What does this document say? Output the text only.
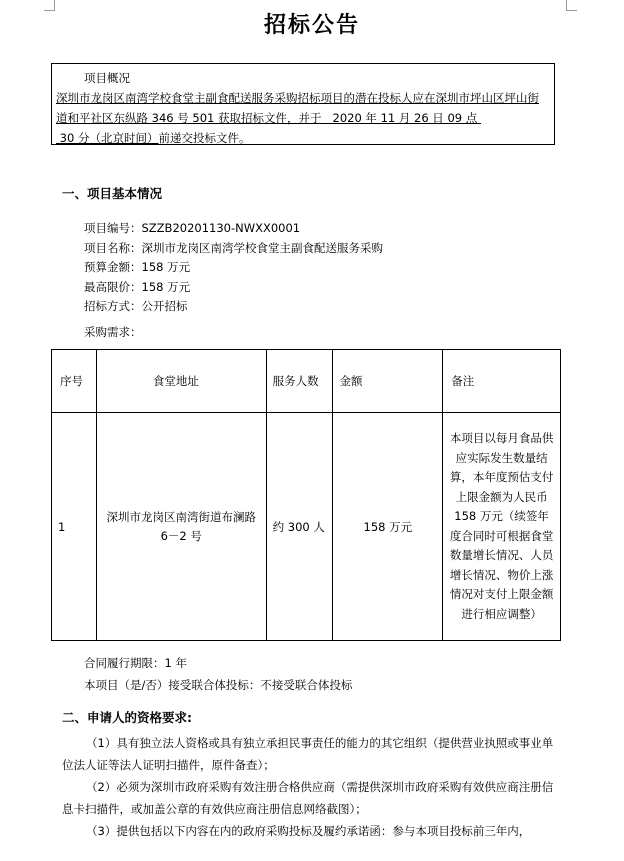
招标公告
项目概况
深圳市龙岗区南湾学校食堂主副食配送服务采购招标项目的潜在投标人应在深圳市坪山区坪山街道和平社区东纵路 346 号 501 获取招标文件，并于 2020 年 11 月 26 日 09 点
30 分（北京时间）前递交投标文件。
一、项目基本情况
项目编号：SZZB20201130-NWXX0001
项目名称：深圳市龙岗区南湾学校食堂主副食配送服务采购
预算金额：158 万元
最高限价：158 万元
招标方式：公开招标
采购需求：
序号	食堂地址	服务人数	金额	备注
1	深圳市龙岗区南湾街道布澜路 6－2 号	约 300 人	158 万元	本项目以每月食品供应实际发生数量结算，本年度预估支付上限金额为人民币 158 万元（续签年度合同时可根据食堂数量增长情况、人员增长情况、物价上涨情况对支付上限金额进行相应调整）
合同履行期限：1 年
本项目（是/否）接受联合体投标：不接受联合体投标
二、申请人的资格要求:

（1）具有独立法人资格或具有独立承担民事责任的能力的其它组织（提供营业执照或事业单位法人证等法人证明扫描件，原件备查）；

（2）必须为深圳市政府采购有效注册合格供应商（需提供深圳市政府采购有效供应商注册信息卡扫描件，或加盖公章的有效供应商注册信息网络截图）；

（3）提供包括以下内容在内的政府采购投标及履约承诺函：参与本项目投标前三年内，
